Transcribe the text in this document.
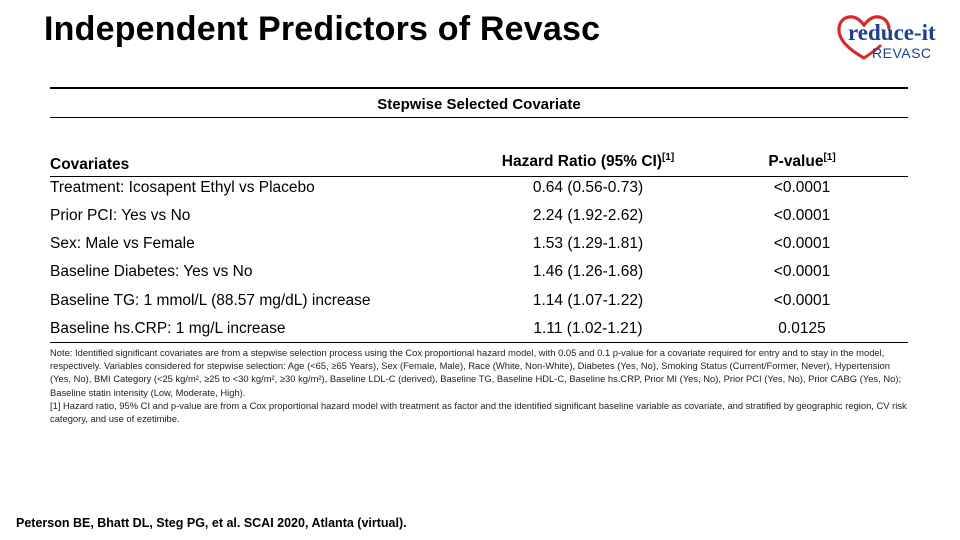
Independent Predictors of Revasc	reduce-it
REVASC
Stepwise Selected Covariate
Covariates	Hazard Ratio (95% CI)[1]	P-value[1]
Treatment: Icosapent Ethyl vs Placebo	0.64 (0.56-0.73)	<0.0001
Prior PCI: Yes vs No	2.24 (1.92-2.62)	<0.0001
Sex: Male vs Female	1.53 (1.29-1.81)	<0.0001
Baseline Diabetes: Yes vs No	1.46 (1.26-1.68)	<0.0001
Baseline TG: 1 mmol/L (88.57 mg/dL) increase	1.14 (1.07-1.22)	<0.0001
Baseline hs.CRP: 1 mg/L increase	1.11 (1.02-1.21)	0.0125

Note: Identified significant covariates are from a stepwise selection process using the Cox proportional hazard model, with 0.05 and 0.1 p-value for a covariate required for entry and to stay in the model, respectively. Variables considered for stepwise selection: Age (<65, ≥65 Years), Sex (Female, Male), Race (White, Non-White), Diabetes (Yes, No), Smoking Status (Current/Former, Never), Hypertension (Yes, No), BMI Category (<25 kg/m², ≥25 to <30 kg/m², ≥30 kg/m²), Baseline LDL-C (derived), Baseline TG, Baseline HDL-C, Baseline hs.CRP, Prior MI (Yes, No), Prior PCI (Yes, No), Prior CABG (Yes, No); Baseline statin intensity (Low, Moderate, High).

[1] Hazard ratio, 95% CI and p-value are from a Cox proportional hazard model with treatment as factor and the identified significant baseline variable as covariate, and stratified by geographic region, CV risk category, and use of ezetimibe.

Peterson BE, Bhatt DL, Steg PG, et al. SCAI 2020, Atlanta (virtual).
